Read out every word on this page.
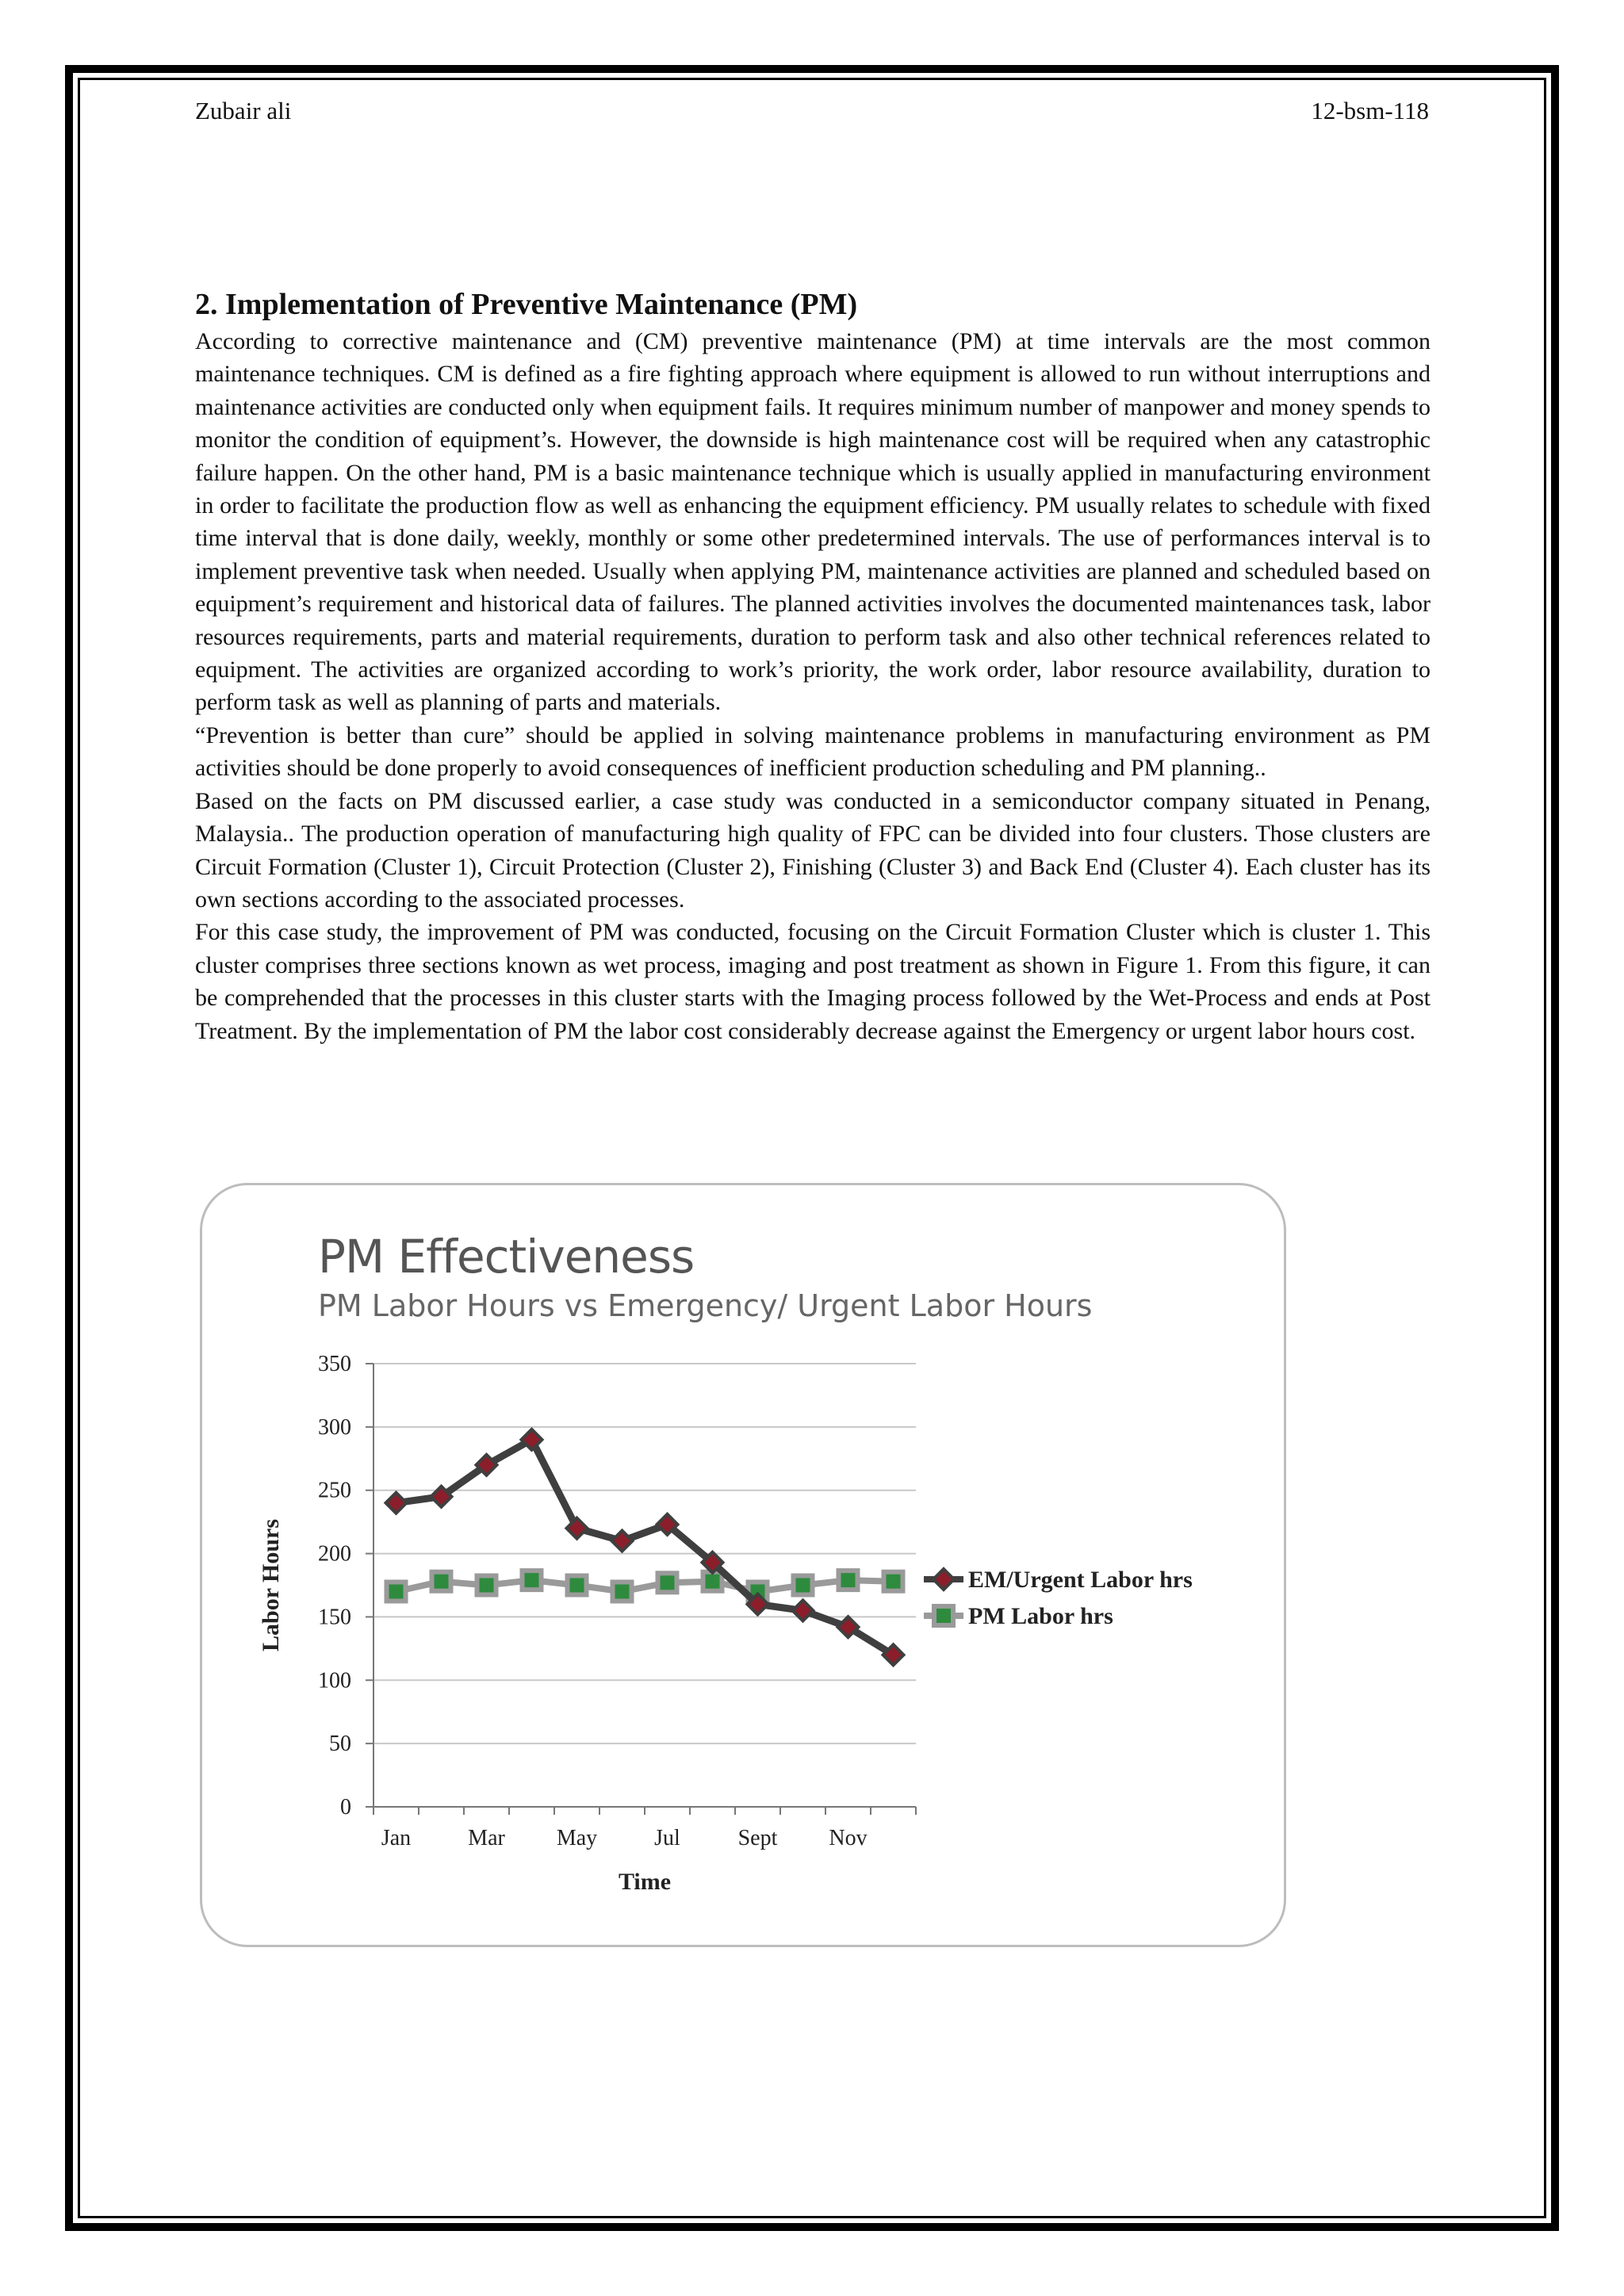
Zubair ali	12-bsm-118
2. Implementation of Preventive Maintenance (PM)

According to corrective maintenance and (CM) preventive maintenance (PM) at time intervals are the most common maintenance techniques. CM is defined as a fire fighting approach where equipment is allowed to run without interruptions and maintenance activities are conducted only when equipment fails. It requires minimum number of manpower and money spends to monitor the condition of equipment’s. However, the downside is high maintenance cost will be required when any catastrophic failure happen. On the other hand, PM is a basic maintenance technique which is usually applied in manufacturing environment in order to facilitate the production flow as well as enhancing the equipment efficiency. PM usually relates to schedule with fixed time interval that is done daily, weekly, monthly or some other predetermined intervals. The use of performances interval is to implement preventive task when needed. Usually when applying PM, maintenance activities are planned and scheduled based on equipment’s requirement and historical data of failures. The planned activities involves the documented maintenances task, labor resources requirements, parts and material requirements, duration to perform task and also other technical references related to equipment. The activities are organized according to work’s priority, the work order, labor resource availability, duration to perform task as well as planning of parts and materials.

“Prevention is better than cure” should be applied in solving maintenance problems in manufacturing environment as PM activities should be done properly to avoid consequences of inefficient production scheduling and PM planning..

Based on the facts on PM discussed earlier, a case study was conducted in a semiconductor company situated in Penang, Malaysia.. The production operation of manufacturing high quality of FPC can be divided into four clusters. Those clusters are Circuit Formation (Cluster 1), Circuit Protection (Cluster 2), Finishing (Cluster 3) and Back End (Cluster 4). Each cluster has its own sections according to the associated processes.

For this case study, the improvement of PM was conducted, focusing on the Circuit Formation Cluster which is cluster 1. This cluster comprises three sections known as wet process, imaging and post treatment as shown in Figure 1. From this figure, it can be comprehended that the processes in this cluster starts with the Imaging process followed by the Wet-Process and ends at Post Treatment. By the implementation of PM the labor cost considerably decrease against the Emergency or urgent labor hours cost.

PM Effectiveness
PM Labor Hours vs Emergency/ Urgent Labor Hours
0
50
100
150
200
250
300
350
Jan	Mar May	Jul	Sept Nov
Time
Labor Hours	EM/Urgent Labor hrs
PM Labor hrs
